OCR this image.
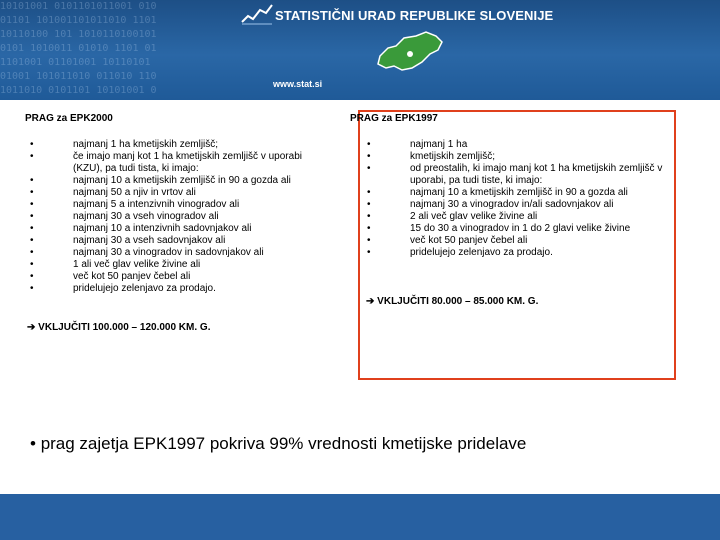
10101001 0101101011001 010
01101 101001101011010 1101
10110100 101 1010110100101
0101 1010011 01010 1101 01
1101001 01101001 10110101
01001 101011010 011010 110
1011010 0101101 10101001 0
STATISTIČNI URAD REPUBLIKE SLOVENIJE
www.stat.si
PRAG za EPK2000
•	najmanj 1 ha kmetijskih zemljišč;
•	če imajo manj kot 1 ha kmetijskih zemljišč v uporabi (KZU), pa tudi tista, ki imajo:
•	najmanj 10 a kmetijskih zemljišč in 90 a gozda ali
•	najmanj 50 a njiv in vrtov ali
•	najmanj 5 a intenzivnih vinogradov ali
•	najmanj 30 a vseh vinogradov ali
•	najmanj 10 a intenzivnih sadovnjakov ali
•	najmanj 30 a vseh sadovnjakov ali
•	najmanj 30 a vinogradov in sadovnjakov ali
•	1 ali več glav velike živine ali
•	več kot 50 panjev čebel ali
•	pridelujejo zelenjavo za prodajo.
➔ VKLJUČITI 100.000 – 120.000 KM. G.
PRAG za EPK1997
•	najmanj 1 ha
•	kmetijskih zemljišč;
•	od preostalih, ki imajo manj kot 1 ha kmetijskih zemljišč v uporabi, pa tudi tiste, ki imajo:
•	najmanj 10 a kmetijskih zemljišč in 90 a gozda ali
•	najmanj 30 a vinogradov in/ali sadovnjakov ali
•	2 ali več glav velike živine ali
•	15 do 30 a vinogradov in 1 do 2 glavi velike živine
•	več kot 50 panjev čebel ali
•	pridelujejo zelenjavo za prodajo.
➔ VKLJUČITI 80.000 – 85.000 KM. G.
• prag zajetja EPK1997 pokriva 99% vrednosti kmetijske pridelave
